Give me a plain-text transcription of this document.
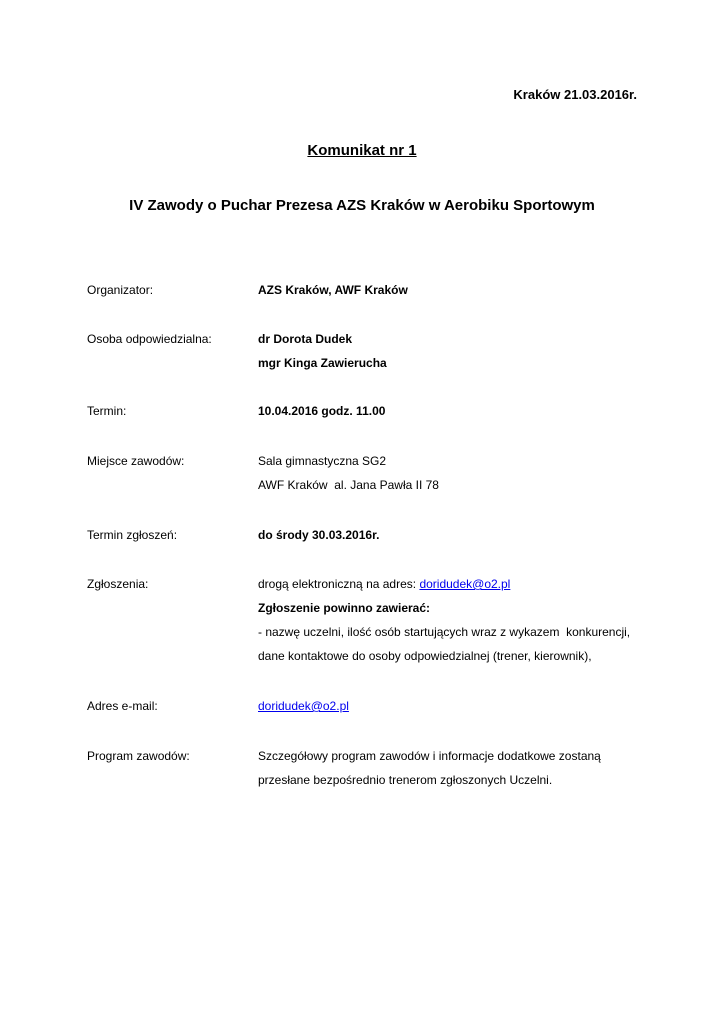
Kraków 21.03.2016r.
Komunikat nr 1
IV Zawody o Puchar Prezesa AZS Kraków w Aerobiku Sportowym
Organizator:	AZS Kraków, AWF Kraków
Osoba odpowiedzialna:	dr Dorota Dudek
mgr Kinga Zawierucha
Termin:	10.04.2016 godz. 11.00
Miejsce zawodów:	Sala gimnastyczna SG2
AWF Kraków  al. Jana Pawła II 78
Termin zgłoszeń:	do środy 30.03.2016r.
Zgłoszenia:	drogą elektroniczną na adres: doridudek@o2.pl
Zgłoszenie powinno zawierać:
- nazwę uczelni, ilość osób startujących wraz z wykazem  konkurencji,
dane kontaktowe do osoby odpowiedzialnej (trener, kierownik),
Adres e-mail:	doridudek@o2.pl
Program zawodów:	Szczegółowy program zawodów i informacje dodatkowe zostaną
przesłane bezpośrednio trenerom zgłoszonych Uczelni.
